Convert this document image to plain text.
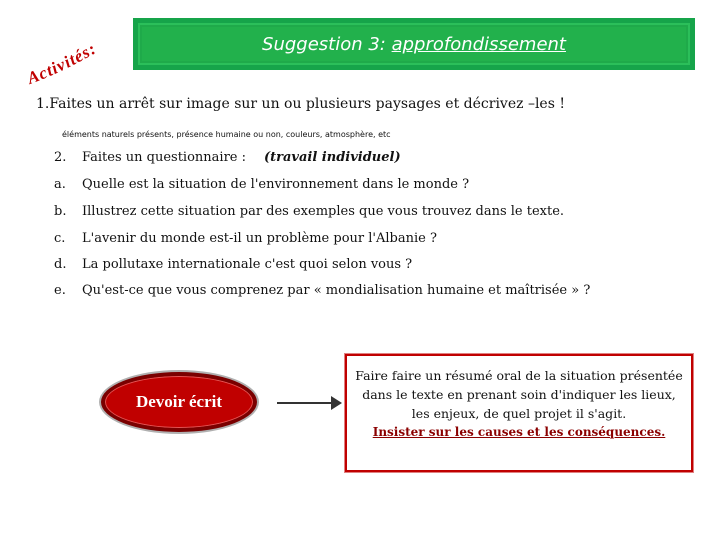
Activités:	Suggestion 3: approfondissement
1.Faites un arrêt sur image sur un ou plusieurs paysages et décrivez –les !
éléments naturels présents, présence humaine ou non, couleurs, atmosphère, etc
2. Faites un questionnaire : (travail individuel)
a. Quelle est la situation de l'environnement dans le monde ?
b. Illustrez cette situation par des exemples que vous trouvez dans le texte.
c. L'avenir du monde est-il un problème pour l'Albanie ?
d. La pollutaxe internationale c'est quoi selon vous ?
e. Qu'est-ce que vous comprenez par « mondialisation humaine et maîtrisée » ?
Devoir écrit
Faire faire un résumé oral de la situation présentée dans le texte en prenant soin d'indiquer les lieux, les enjeux, de quel projet il s'agit.
Insister sur les causes et les conséquences.
